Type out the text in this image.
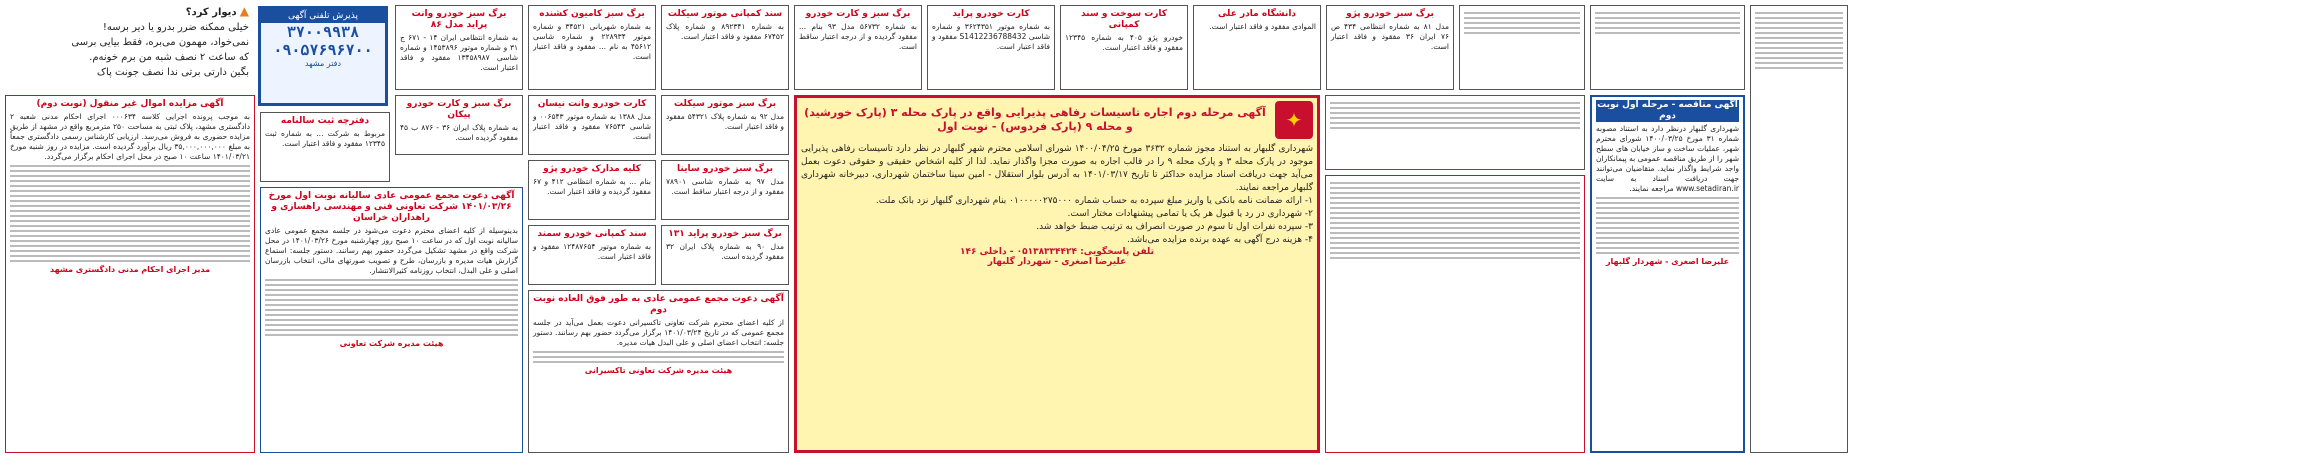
▲ دیوار کرد؟
خیلی ممکنه ضرر بدرو یا دیر برسه!
نمی‌خواد، مهمون می‌بره، فقط بیایی برسی
که ساعت ۲ نصف شبه من برم خونه‌م.
بگین دارتی برتی ندا نصف جونت پاک
پذیرش تلفنی آگهی
۳۷۰۰۹۹۳۸
۰۹۰۵۷۶۹۶۷۰۰
دفتر مشهد
آگهی مزایده اموال غیر منقول (نوبت دوم)

به موجب پرونده اجرایی کلاسه ۰۰۰۶۳۴ اجرای احکام مدنی شعبه ۲ دادگستری مشهد، پلاک ثبتی به مساحت ۲۵۰ مترمربع واقع در مشهد از طریق مزایده حضوری به فروش می‌رسد. ارزیابی کارشناس رسمی دادگستری جمعاً به مبلغ ۳۵,۰۰۰,۰۰۰,۰۰۰ ریال برآورد گردیده است. مزایده در روز شنبه مورخ ۱۴۰۱/۰۳/۲۱ ساعت ۱۰ صبح در محل اجرای احکام برگزار می‌گردد.

مدیر اجرای احکام مدنی دادگستری مشهد
برگ سبز خودرو وانت پراید مدل ۸۶

به شماره انتظامی ایران ۱۴ - ۶۷۱ ج ۳۱ و شماره موتور ۱۴۵۳۸۹۶ و شماره شاسی ۱۳۴۵۸۹۸۷ مفقود و فاقد اعتبار است.

برگ سبز کامیون کشنده

به شماره شهربانی ۳۴۵۲۱ و شماره موتور ۲۲۸۹۳۴ و شماره شاسی ۴۵۶۱۲ به نام ... مفقود و فاقد اعتبار است.

سند کمپانی موتور سیکلت

به شماره ۸۹۲۳۴۱ و شماره پلاک ۶۷۴۵۲ مفقود و فاقد اعتبار است.

برگ سبز و کارت خودرو

به شماره ۵۶۷۳۲ مدل ۹۳ بنام ... مفقود گردیده و از درجه اعتبار ساقط است.

کارت خودرو پراید

به شماره موتور ۳۶۲۴۳۵۱ و شماره شاسی S1412236788432 مفقود و فاقد اعتبار است.

کارت سوخت و سند کمپانی

خودرو پژو ۴۰۵ به شماره ۱۲۳۴۵ مفقود و فاقد اعتبار است.

دانشگاه مادر علی

الموادی مفقود و فاقد اعتبار است.

برگ سبز خودرو پژو

مدل ۸۱ به شماره انتظامی ۴۳۴ ص ۷۶ ایران ۳۶ مفقود و فاقد اعتبار است.

دفترچه ثبت سالنامه

مربوط به شرکت ... به شماره ثبت ۱۲۳۴۵ مفقود و فاقد اعتبار است.

برگ سبز و کارت خودرو پیکان

به شماره پلاک ایران ۳۶ - ۸۷۶ ب ۴۵ مفقود گردیده است.

کارت خودرو وانت نیسان

مدل ۱۳۸۸ به شماره موتور ۰۰۶۵۴۳ و شاسی ۷۶۵۴۳ مفقود و فاقد اعتبار است.

برگ سبز موتور سیکلت

مدل ۹۲ به شماره پلاک ۵۴۳۲۱ مفقود و فاقد اعتبار است.

کلیه مدارک خودرو پژو

بنام ... به شماره انتظامی ۴۱۲ و ۶۷ مفقود گردیده و فاقد اعتبار است.

برگ سبز خودرو ساینا

مدل ۹۷ به شماره شاسی ۷۸۹۰۱ مفقود و از درجه اعتبار ساقط است.

سند کمپانی خودرو سمند

به شماره موتور ۱۲۴۸۷۶۵۴ مفقود و فاقد اعتبار است.

برگ سبز خودرو پراید ۱۳۱

مدل ۹۰ به شماره پلاک ایران ۳۲ مفقود گردیده است.

آگهی دعوت مجمع عمومی عادی سالیانه نوبت اول مورخ ۱۴۰۱/۰۳/۲۶ شرکت تعاونی فنی و مهندسی راهسازی و راهداران خراسان

بدینوسیله از کلیه اعضای محترم دعوت می‌شود در جلسه مجمع عمومی عادی سالیانه نوبت اول که در ساعت ۱۰ صبح روز چهارشنبه مورخ ۱۴۰۱/۰۳/۲۶ در محل شرکت واقع در مشهد تشکیل می‌گردد حضور بهم رسانند. دستور جلسه: استماع گزارش هیات مدیره و بازرسان، طرح و تصویب صورتهای مالی، انتخاب بازرسان اصلی و علی البدل، انتخاب روزنامه کثیرالانتشار.

هیئت مدیره شرکت تعاونی
آگهی دعوت مجمع عمومی عادی به طور فوق العاده نوبت دوم

از کلیه اعضای محترم شرکت تعاونی تاکسیرانی دعوت بعمل می‌آید در جلسه مجمع عمومی که در تاریخ ۱۴۰۱/۰۳/۲۴ برگزار می‌گردد حضور بهم رسانند. دستور جلسه: انتخاب اعضای اصلی و علی البدل هیات مدیره.

هیئت مدیره شرکت تعاونی تاکسیرانی
✦
آگهی مرحله دوم اجاره تاسیسات رفاهی پذیرایی واقع در پارک محله ۳ (پارک خورشید) و محله ۹ (پارک فردوس) - نوبت اول

شهرداری گلبهار به استناد مجوز شماره ۳۶۳۲ مورخ ۱۴۰۰/۰۴/۲۵ شورای اسلامی محترم شهر گلبهار در نظر دارد تاسیسات رفاهی پذیرایی موجود در پارک محله ۳ و پارک محله ۹ را در قالب اجاره به صورت مجزا واگذار نماید. لذا از کلیه اشخاص حقیقی و حقوقی دعوت بعمل می‌آید جهت دریافت اسناد مزایده حداکثر تا تاریخ ۱۴۰۱/۰۳/۱۷ به آدرس بلوار استقلال - امین سینا ساختمان شهرداری، دبیرخانه شهرداری گلبهار مراجعه نمایند.

۱- ارائه ضمانت نامه بانکی یا واریز مبلغ سپرده به حساب شماره ۰۱۰۰۰۰۰۲۷۵۰۰۰ بنام شهرداری گلبهار نزد بانک ملت.

۲- شهرداری در رد یا قبول هر یک یا تمامی پیشنهادات مختار است.

۳- سپرده نفرات اول تا سوم در صورت انصراف به ترتیب ضبط خواهد شد.

۴- هزینه درج آگهی به عهده برنده مزایده می‌باشد.

تلفن پاسخگویی: ۰۵۱۳۸۳۳۴۴۲۴ - داخلی ۱۴۶
علیرضا اصغری - شهردار گلبهار
آگهی مناقصه - مرحله اول نوبت دوم

شهرداری گلبهار درنظر دارد به استناد مصوبه شماره ۳۱ مورخ ۱۴۰۰/۰۳/۲۵ شورای محترم شهر، عملیات ساخت و ساز خیابان های سطح شهر را از طریق مناقصه عمومی به پیمانکاران واجد شرایط واگذار نماید. متقاضیان می‌توانند جهت دریافت اسناد به سایت www.setadiran.ir مراجعه نمایند.

علیرضا اصغری - شهردار گلبهار
